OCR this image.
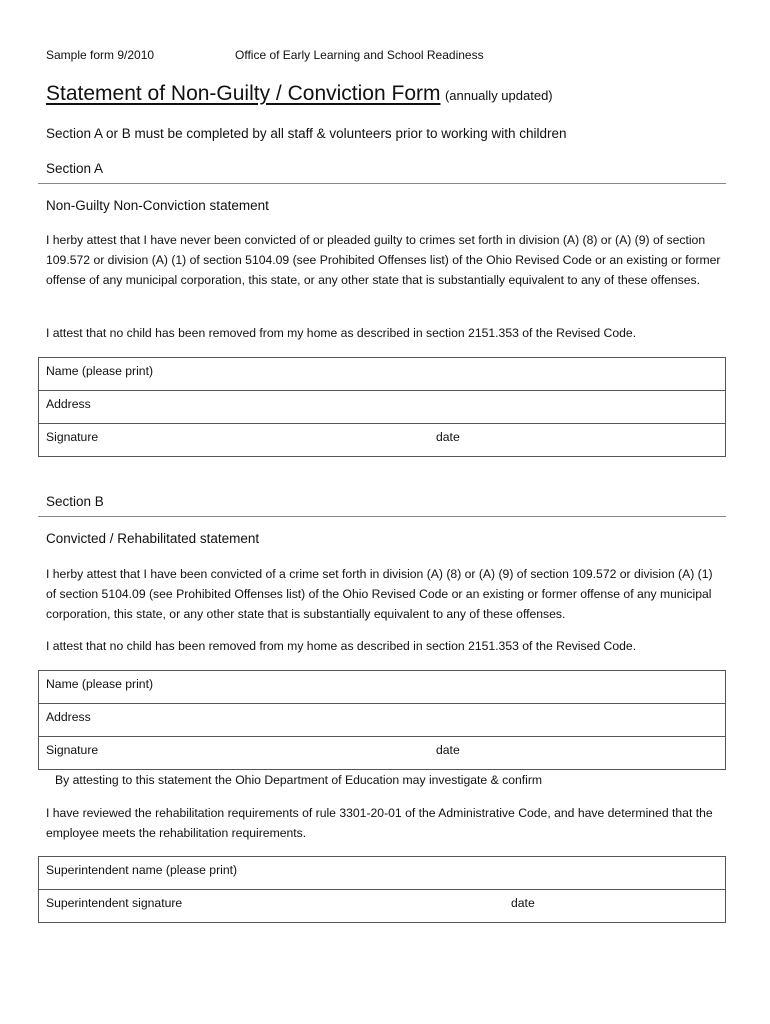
Sample form 9/2010	Office of Early Learning and School Readiness
Statement of Non-Guilty / Conviction Form (annually updated)
Section A or B must be completed by all staff & volunteers prior to working with children
Section A
Non-Guilty Non-Conviction statement
I herby attest that I have never been convicted of or pleaded guilty to crimes set forth in division (A) (8) or (A) (9) of section 109.572 or division (A) (1) of section 5104.09 (see Prohibited Offenses list) of the Ohio Revised Code or an existing or former offense of any municipal corporation, this state, or any other state that is substantially equivalent to any of these offenses.
I attest that no child has been removed from my home as described in section 2151.353 of the Revised Code.
Name (please print)
Address
Signature	date
Section B
Convicted / Rehabilitated statement
I herby attest that I have been convicted of a crime set forth in division (A) (8) or (A) (9) of section 109.572 or division (A) (1) of section 5104.09 (see Prohibited Offenses list) of the Ohio Revised Code or an existing or former offense of any municipal corporation, this state, or any other state that is substantially equivalent to any of these offenses.
I attest that no child has been removed from my home as described in section 2151.353 of the Revised Code.
Name (please print)
Address
Signature	date
By attesting to this statement the Ohio Department of Education may investigate & confirm
I have reviewed the rehabilitation requirements of rule 3301-20-01 of the Administrative Code, and have determined that the employee meets the rehabilitation requirements.
Superintendent name (please print)
Superintendent signature	date
